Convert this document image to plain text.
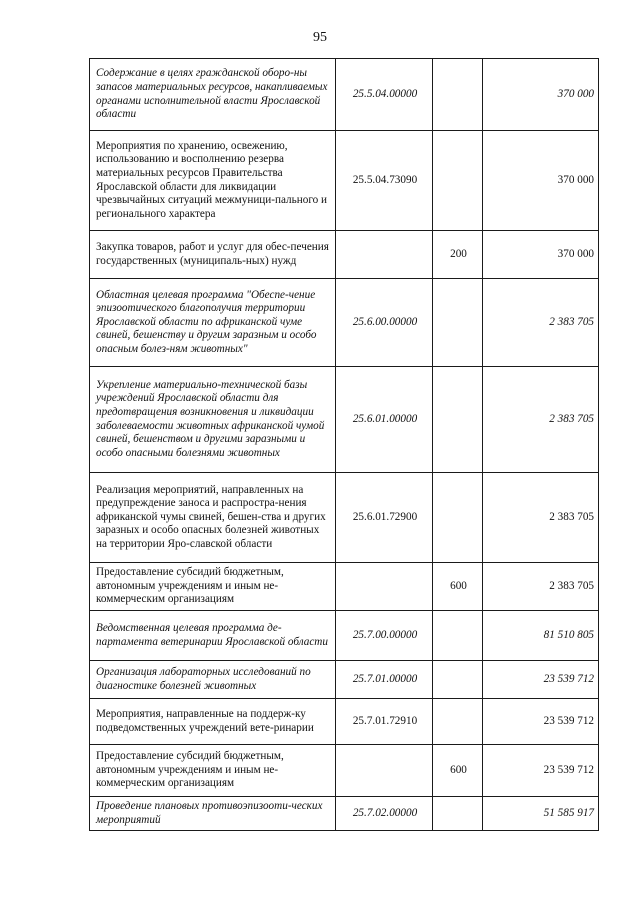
95
Содержание в целях гражданской оборо-ны запасов материальных ресурсов, накапливаемых органами исполнительной власти Ярославской области	25.5.04.00000		370 000
Мероприятия по хранению, освежению, использованию и восполнению резерва материальных ресурсов Правительства Ярославской области для ликвидации чрезвычайных ситуаций межмуници-пального и регионального характера	25.5.04.73090		370 000
Закупка товаров, работ и услуг для обес-печения государственных (муниципаль-ных) нужд		200	370 000
Областная целевая программа "Обеспе-чение эпизоотического благополучия территории Ярославской области по африканской чуме свиней, бешенству и другим заразным и особо опасным болез-ням животных"	25.6.00.00000		2 383 705
Укрепление материально-технической базы учреждений Ярославской области для предотвращения возникновения и ликвидации заболеваемости животных африканской чумой свиней, бешенством и другими заразными и особо опасными болезнями животных	25.6.01.00000		2 383 705
Реализация мероприятий, направленных на предупреждение заноса и распростра-нения африканской чумы свиней, бешен-ства и других заразных и особо опасных болезней животных на территории Яро-славской области	25.6.01.72900		2 383 705
Предоставление субсидий бюджетным, автономным учреждениям и иным не-коммерческим организациям		600	2 383 705
Ведомственная целевая программа де-партамента ветеринарии Ярославской области	25.7.00.00000		81 510 805
Организация лабораторных исследований по диагностике болезней животных	25.7.01.00000		23 539 712
Мероприятия, направленные на поддерж-ку подведомственных учреждений вете-ринарии	25.7.01.72910		23 539 712
Предоставление субсидий бюджетным, автономным учреждениям и иным не-коммерческим организациям		600	23 539 712
Проведение плановых противоэпизооти-ческих мероприятий	25.7.02.00000		51 585 917
